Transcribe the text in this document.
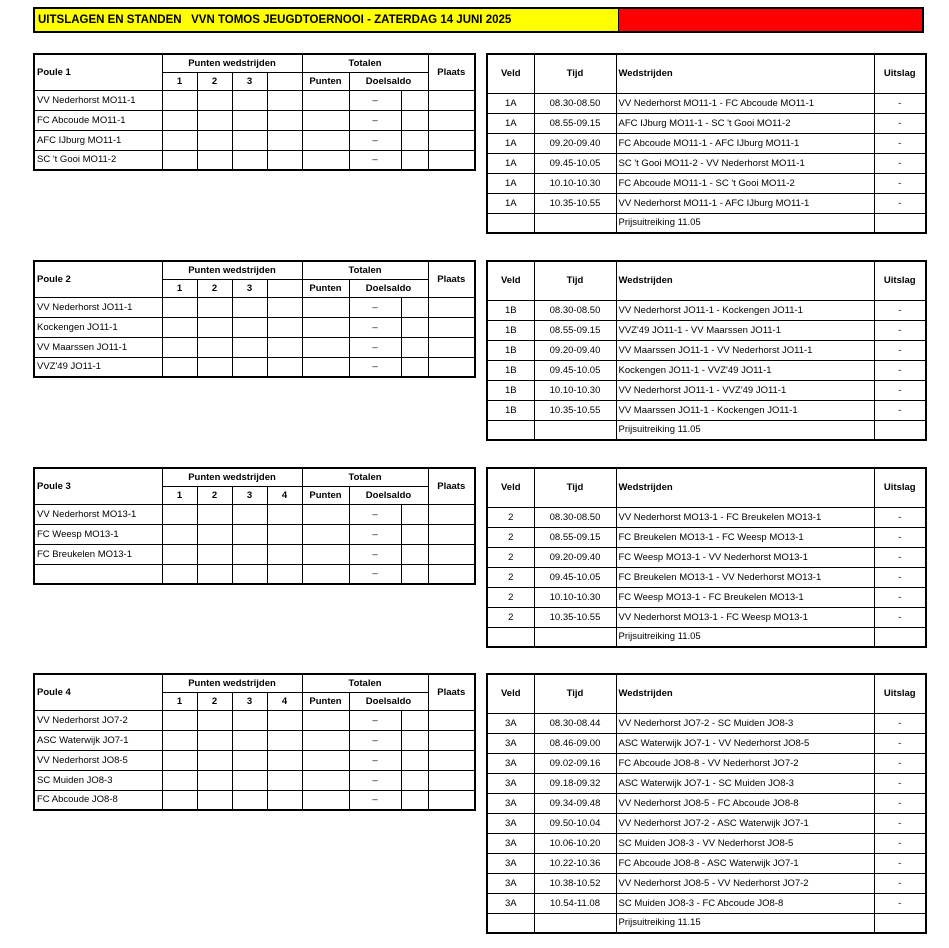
UITSLAGEN EN STANDEN   VVN TOMOS JEUGDTOERNOOI - ZATERDAG 14 JUNI 2025
Poule 1	Punten wedstrijden				Totalen			Plaats
	1	2	3		Punten	Doelsaldo		
VV Nederhorst MO11-1						–		
FC Abcoude MO11-1						–		
AFC IJburg MO11-1						–		
SC 't Gooi MO11-2						–		
Veld	Tijd	Wedstrijden	Uitslag
1A	08.30-08.50	VV Nederhorst MO11-1 - FC Abcoude MO11-1	-
1A	08.55-09.15	AFC IJburg MO11-1 - SC 't Gooi MO11-2	-
1A	09.20-09.40	FC Abcoude MO11-1 - AFC IJburg MO11-1	-
1A	09.45-10.05	SC 't Gooi MO11-2 - VV Nederhorst MO11-1	-
1A	10.10-10.30	FC Abcoude MO11-1 - SC 't Gooi MO11-2	-
1A	10.35-10.55	VV Nederhorst MO11-1 - AFC IJburg MO11-1	-
		Prijsuitreiking 11.05	
Poule 2	Punten wedstrijden				Totalen			Plaats
	1	2	3		Punten	Doelsaldo		
VV Nederhorst JO11-1						–		
Kockengen JO11-1						–		
VV Maarssen JO11-1						–		
VVZ'49 JO11-1						–		
Veld	Tijd	Wedstrijden	Uitslag
1B	08.30-08.50	VV Nederhorst JO11-1 - Kockengen JO11-1	-
1B	08.55-09.15	VVZ'49 JO11-1 - VV Maarssen JO11-1	-
1B	09.20-09.40	VV Maarssen JO11-1 - VV Nederhorst JO11-1	-
1B	09.45-10.05	Kockengen JO11-1 - VVZ'49 JO11-1	-
1B	10.10-10.30	VV Nederhorst JO11-1 - VVZ'49 JO11-1	-
1B	10.35-10.55	VV Maarssen JO11-1 - Kockengen JO11-1	-
		Prijsuitreiking 11.05	
Poule 3	Punten wedstrijden				Totalen			Plaats
	1	2	3	4	Punten	Doelsaldo		
VV Nederhorst MO13-1						–		
FC Weesp MO13-1						–		
FC Breukelen MO13-1						–		
						–		
Veld	Tijd	Wedstrijden	Uitslag
2	08.30-08.50	VV Nederhorst MO13-1 - FC Breukelen MO13-1	-
2	08.55-09.15	FC Breukelen MO13-1 - FC Weesp MO13-1	-
2	09.20-09.40	FC Weesp MO13-1 - VV Nederhorst MO13-1	-
2	09.45-10.05	FC Breukelen MO13-1 - VV Nederhorst MO13-1	-
2	10.10-10.30	FC Weesp MO13-1 - FC Breukelen MO13-1	-
2	10.35-10.55	VV Nederhorst MO13-1 - FC Weesp MO13-1	-
		Prijsuitreiking 11.05	
Poule 4	Punten wedstrijden				Totalen			Plaats
	1	2	3	4	Punten	Doelsaldo		
VV Nederhorst JO7-2						–		
ASC Waterwijk JO7-1						–		
VV Nederhorst JO8-5						–		
SC Muiden JO8-3						–		
FC Abcoude JO8-8						–		
Veld	Tijd	Wedstrijden	Uitslag
3A	08.30-08.44	VV Nederhorst JO7-2 - SC Muiden JO8-3	-
3A	08.46-09.00	ASC Waterwijk JO7-1 - VV Nederhorst JO8-5	-
3A	09.02-09.16	FC Abcoude JO8-8 - VV Nederhorst JO7-2	-
3A	09.18-09.32	ASC Waterwijk JO7-1 - SC Muiden JO8-3	-
3A	09.34-09.48	VV Nederhorst JO8-5 - FC Abcoude JO8-8	-
3A	09.50-10.04	VV Nederhorst JO7-2 - ASC Waterwijk JO7-1	-
3A	10.06-10.20	SC Muiden JO8-3 - VV Nederhorst JO8-5	-
3A	10.22-10.36	FC Abcoude JO8-8 - ASC Waterwijk JO7-1	-
3A	10.38-10.52	VV Nederhorst JO8-5 - VV Nederhorst JO7-2	-
3A	10.54-11.08	SC Muiden JO8-3 - FC Abcoude JO8-8	-
		Prijsuitreiking 11.15	
